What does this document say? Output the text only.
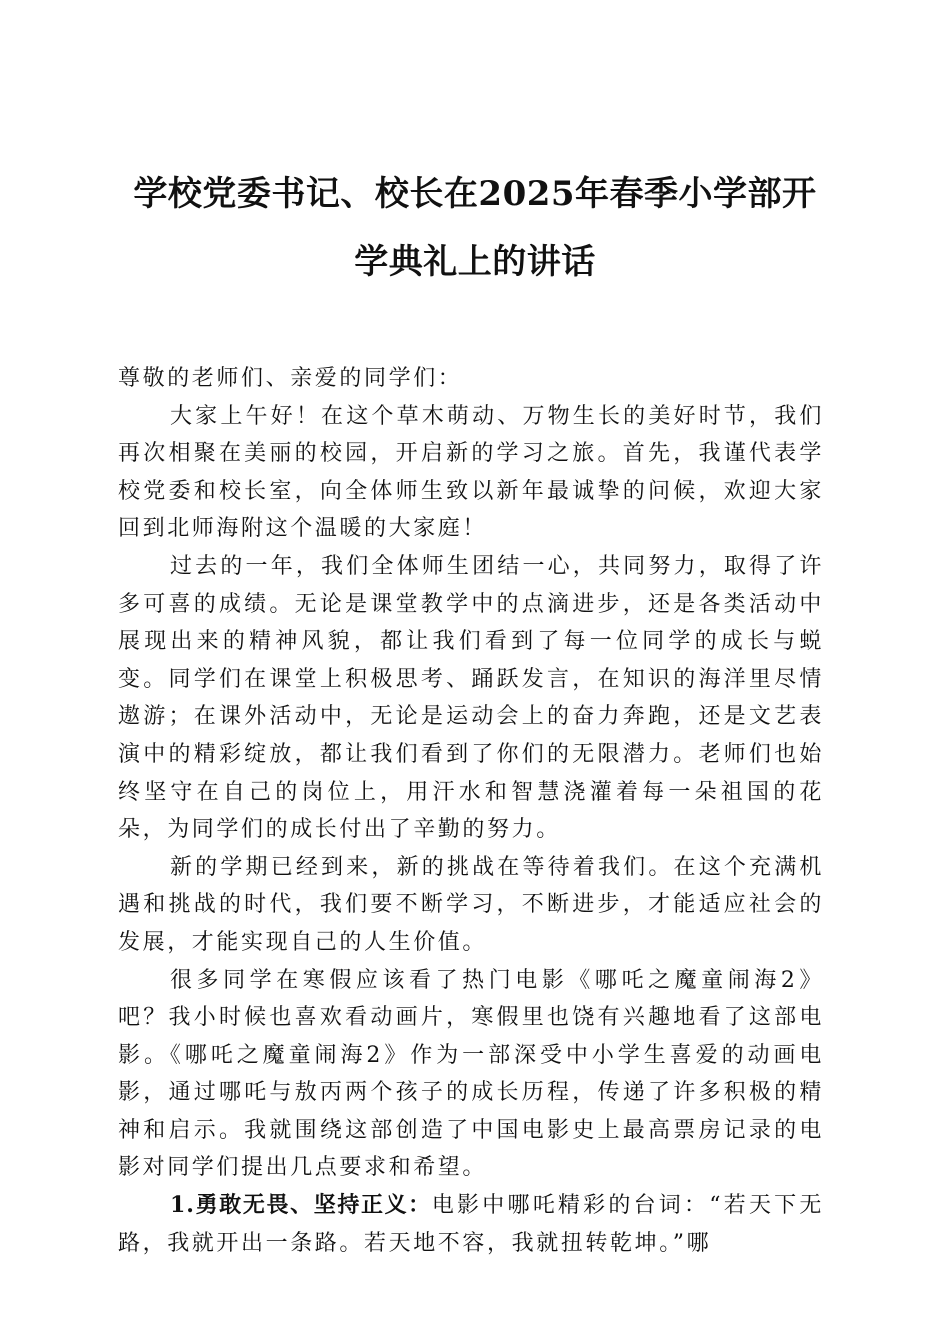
学校党委书记、校长在2025年春季小学部开
学典礼上的讲话

尊敬的老师们、亲爱的同学们：

大家上午好！在这个草木萌动、万物生长的美好时节，我们再次相聚在美丽的校园，开启新的学习之旅。首先，我谨代表学校党委和校长室，向全体师生致以新年最诚挚的问候，欢迎大家回到北师海附这个温暖的大家庭！

过去的一年，我们全体师生团结一心，共同努力，取得了许多可喜的成绩。无论是课堂教学中的点滴进步，还是各类活动中展现出来的精神风貌，都让我们看到了每一位同学的成长与蜕变。同学们在课堂上积极思考、踊跃发言，在知识的海洋里尽情遨游；在课外活动中，无论是运动会上的奋力奔跑，还是文艺表演中的精彩绽放，都让我们看到了你们的无限潜力。老师们也始终坚守在自己的岗位上，用汗水和智慧浇灌着每一朵祖国的花朵，为同学们的成长付出了辛勤的努力。

新的学期已经到来，新的挑战在等待着我们。在这个充满机遇和挑战的时代，我们要不断学习，不断进步，才能适应社会的发展，才能实现自己的人生价值。

很多同学在寒假应该看了热门电影《哪吒之魔童闹海2》吧？我小时候也喜欢看动画片，寒假里也饶有兴趣地看了这部电影。《哪吒之魔童闹海2》作为一部深受中小学生喜爱的动画电影，通过哪吒与敖丙两个孩子的成长历程，传递了许多积极的精神和启示。我就围绕这部创造了中国电影史上最高票房记录的电影对同学们提出几点要求和希望。

1.勇敢无畏、坚持正义：电影中哪吒精彩的台词：“若天下无路，我就开出一条路。若天地不容，我就扭转乾坤。”哪
